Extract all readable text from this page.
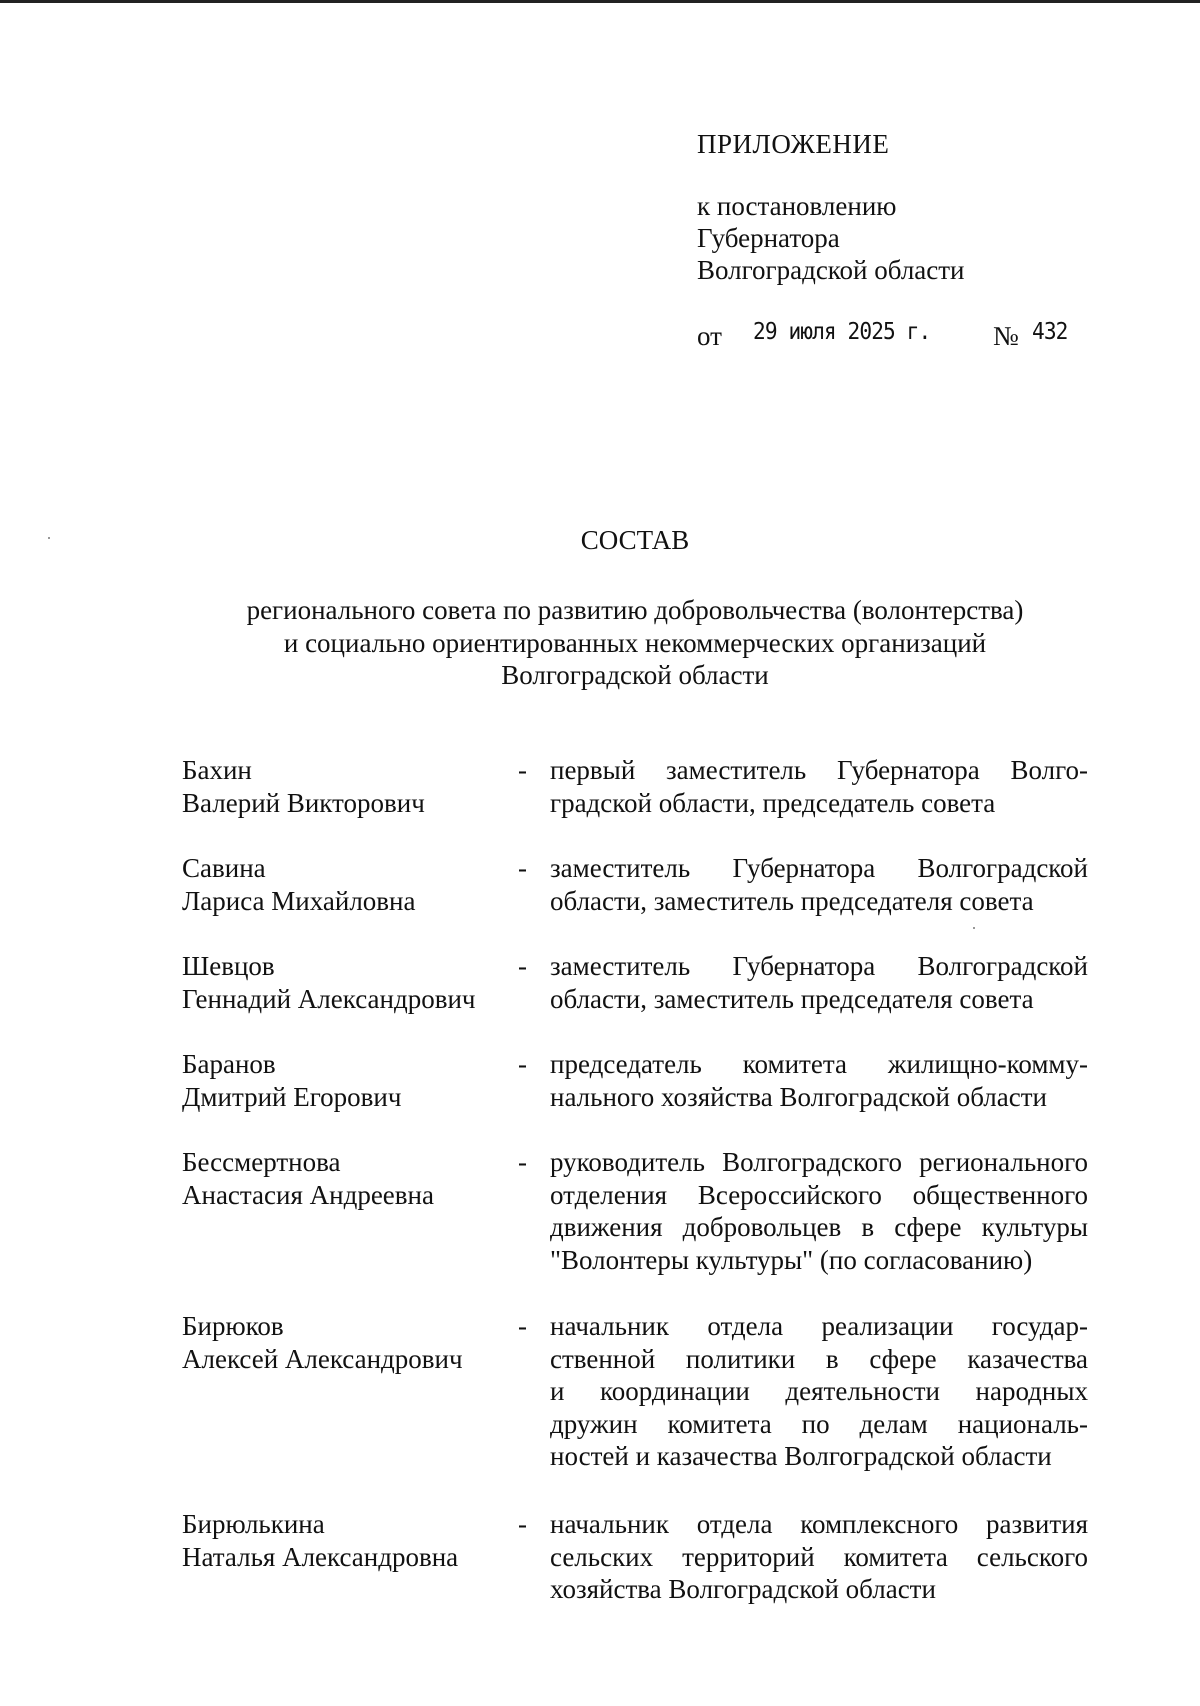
ПРИЛОЖЕНИЕ
к постановлению
Губернатора
Волгоградской области
от 29 июля 2025 г. № 432
СОСТАВ
регионального совета по развитию добровольчества (волонтерства)
и социально ориентированных некоммерческих организаций
Волгоградской области
Бахин
Валерий Викторович
- первый заместитель Губернатора Волго-
градской области, председатель совета
Савина
Лариса Михайловна
- заместитель Губернатора Волгоградской
области, заместитель председателя совета
Шевцов
Геннадий Александрович
- заместитель Губернатора Волгоградской
области, заместитель председателя совета
Баранов
Дмитрий Егорович
- председатель комитета жилищно-комму-
нального хозяйства Волгоградской области
Бессмертнова
Анастасия Андреевна
- руководитель Волгоградского регионального
отделения Всероссийского общественного
движения добровольцев в сфере культуры
"Волонтеры культуры" (по согласованию)
Бирюков
Алексей Александрович
- начальник отдела реализации государ-
ственной политики в сфере казачества
и координации деятельности народных
дружин комитета по делам националь-
ностей и казачества Волгоградской области
Бирюлькина
Наталья Александровна
- начальник отдела комплексного развития
сельских территорий комитета сельского
хозяйства Волгоградской области
